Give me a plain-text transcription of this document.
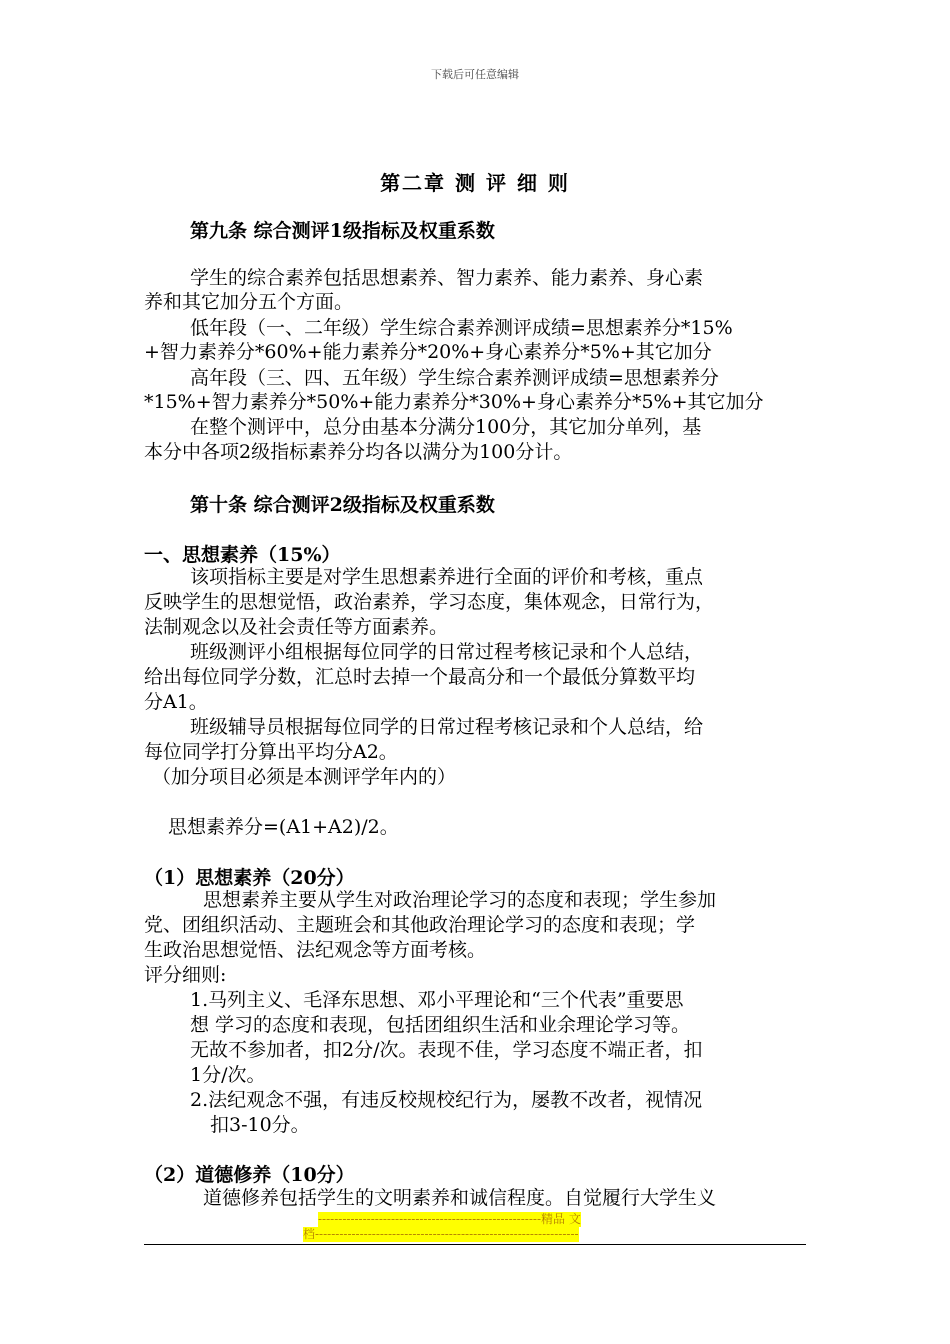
下载后可任意编辑
第二章 测 评 细 则
第九条 综合测评1级指标及权重系数
学生的综合素养包括思想素养、智力素养、能力素养、身心素
养和其它加分五个方面。
低年段（一、二年级）学生综合素养测评成绩=思想素养分*15%
+智力素养分*60%+能力素养分*20%+身心素养分*5%+其它加分
高年段（三、四、五年级）学生综合素养测评成绩=思想素养分
*15%+智力素养分*50%+能力素养分*30%+身心素养分*5%+其它加分
在整个测评中，总分由基本分满分100分，其它加分单列，基
本分中各项2级指标素养分均各以满分为100分计。
第十条 综合测评2级指标及权重系数
一、思想素养（15%）
该项指标主要是对学生思想素养进行全面的评价和考核，重点
反映学生的思想觉悟，政治素养，学习态度，集体观念，日常行为，
法制观念以及社会责任等方面素养。
班级测评小组根据每位同学的日常过程考核记录和个人总结，
给出每位同学分数，汇总时去掉一个最高分和一个最低分算数平均
分A1。
班级辅导员根据每位同学的日常过程考核记录和个人总结，给
每位同学打分算出平均分A2。
（加分项目必须是本测评学年内的）
思想素养分=(A1+A2)/2。
（1）思想素养（20分）
思想素养主要从学生对政治理论学习的态度和表现；学生参加
党、团组织活动、主题班会和其他政治理论学习的态度和表现；学
生政治思想觉悟、法纪观念等方面考核。
评分细则:
1.马列主义、毛泽东思想、邓小平理论和“三个代表”重要思
想 学习的态度和表现，包括团组织生活和业余理论学习等。
无故不参加者，扣2分/次。表现不佳，学习态度不端正者，扣
1分/次。
2.法纪观念不强，有违反校规校纪行为，屡教不改者，视情况
扣3-10分。
（2）道德修养（10分）
道德修养包括学生的文明素养和诚信程度。自觉履行大学生义
-------------------------------------------------------精品 文
档-----------------------------------------------------------------
